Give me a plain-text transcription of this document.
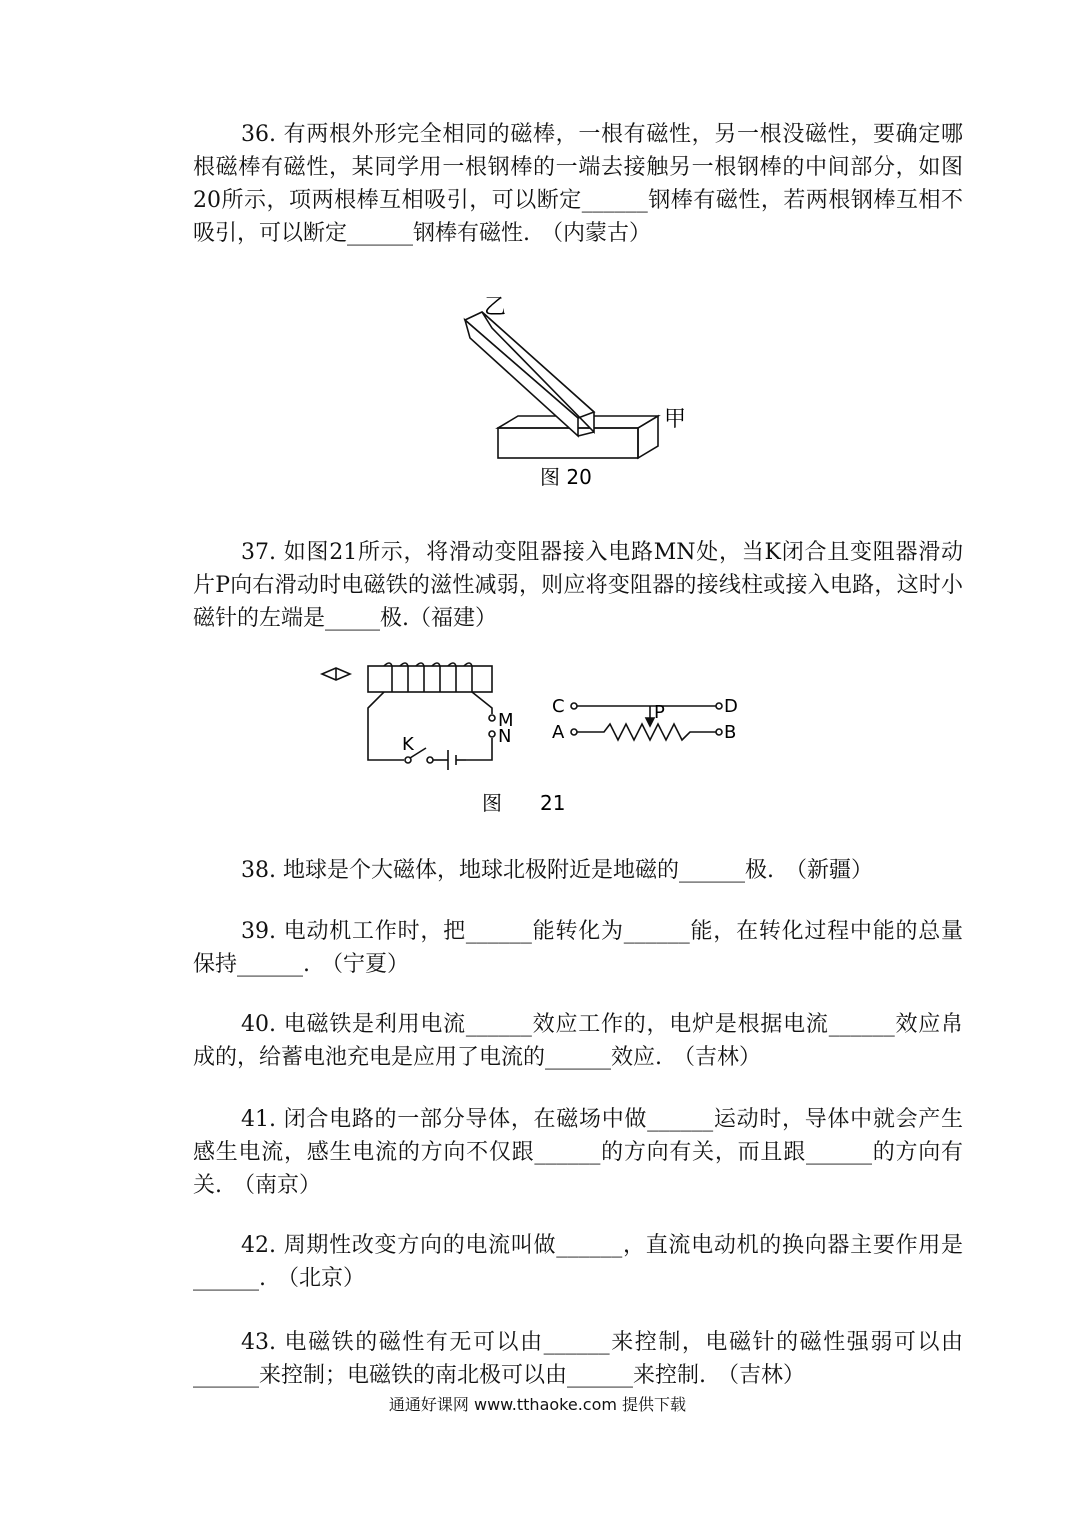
36. 有两根外形完全相同的磁棒，一根有磁性，另一根没磁性，要确定哪根磁棒有磁性，某同学用一根钢棒的一端去接触另一根钢棒的中间部分，如图20所示，项两根棒互相吸引，可以断定______钢棒有磁性，若两根钢棒互相不吸引，可以断定______钢棒有磁性.　（内蒙古）

乙
甲
图 20

37. 如图21所示，将滑动变阻器接入电路MN处，当K闭合且变阻器滑动片P向右滑动时电磁铁的滋性减弱，则应将变阻器的接线柱或接入电路，这时小磁针的左端是_____极.（福建）

M
N
K
C	D
A	B
P
图 21

38. 地球是个大磁体，地球北极附近是地磁的______极.　（新疆）

39. 电动机工作时，把______能转化为______能，在转化过程中能的总量保持______.　（宁夏）

40. 电磁铁是利用电流______效应工作的，电炉是根据电流______效应帛成的，给蓄电池充电是应用了电流的______效应.　（吉林）

41. 闭合电路的一部分导体，在磁场中做______运动时，导体中就会产生感生电流，感生电流的方向不仅跟______的方向有关，而且跟______的方向有关.　（南京）

42. 周期性改变方向的电流叫做______，直流电动机的换向器主要作用是______.　（北京）

43. 电磁铁的磁性有无可以由______来控制，电磁针的磁性强弱可以由______来控制；电磁铁的南北极可以由______来控制.　（吉林）

通通好课网 www.tthaoke.com 提供下载
